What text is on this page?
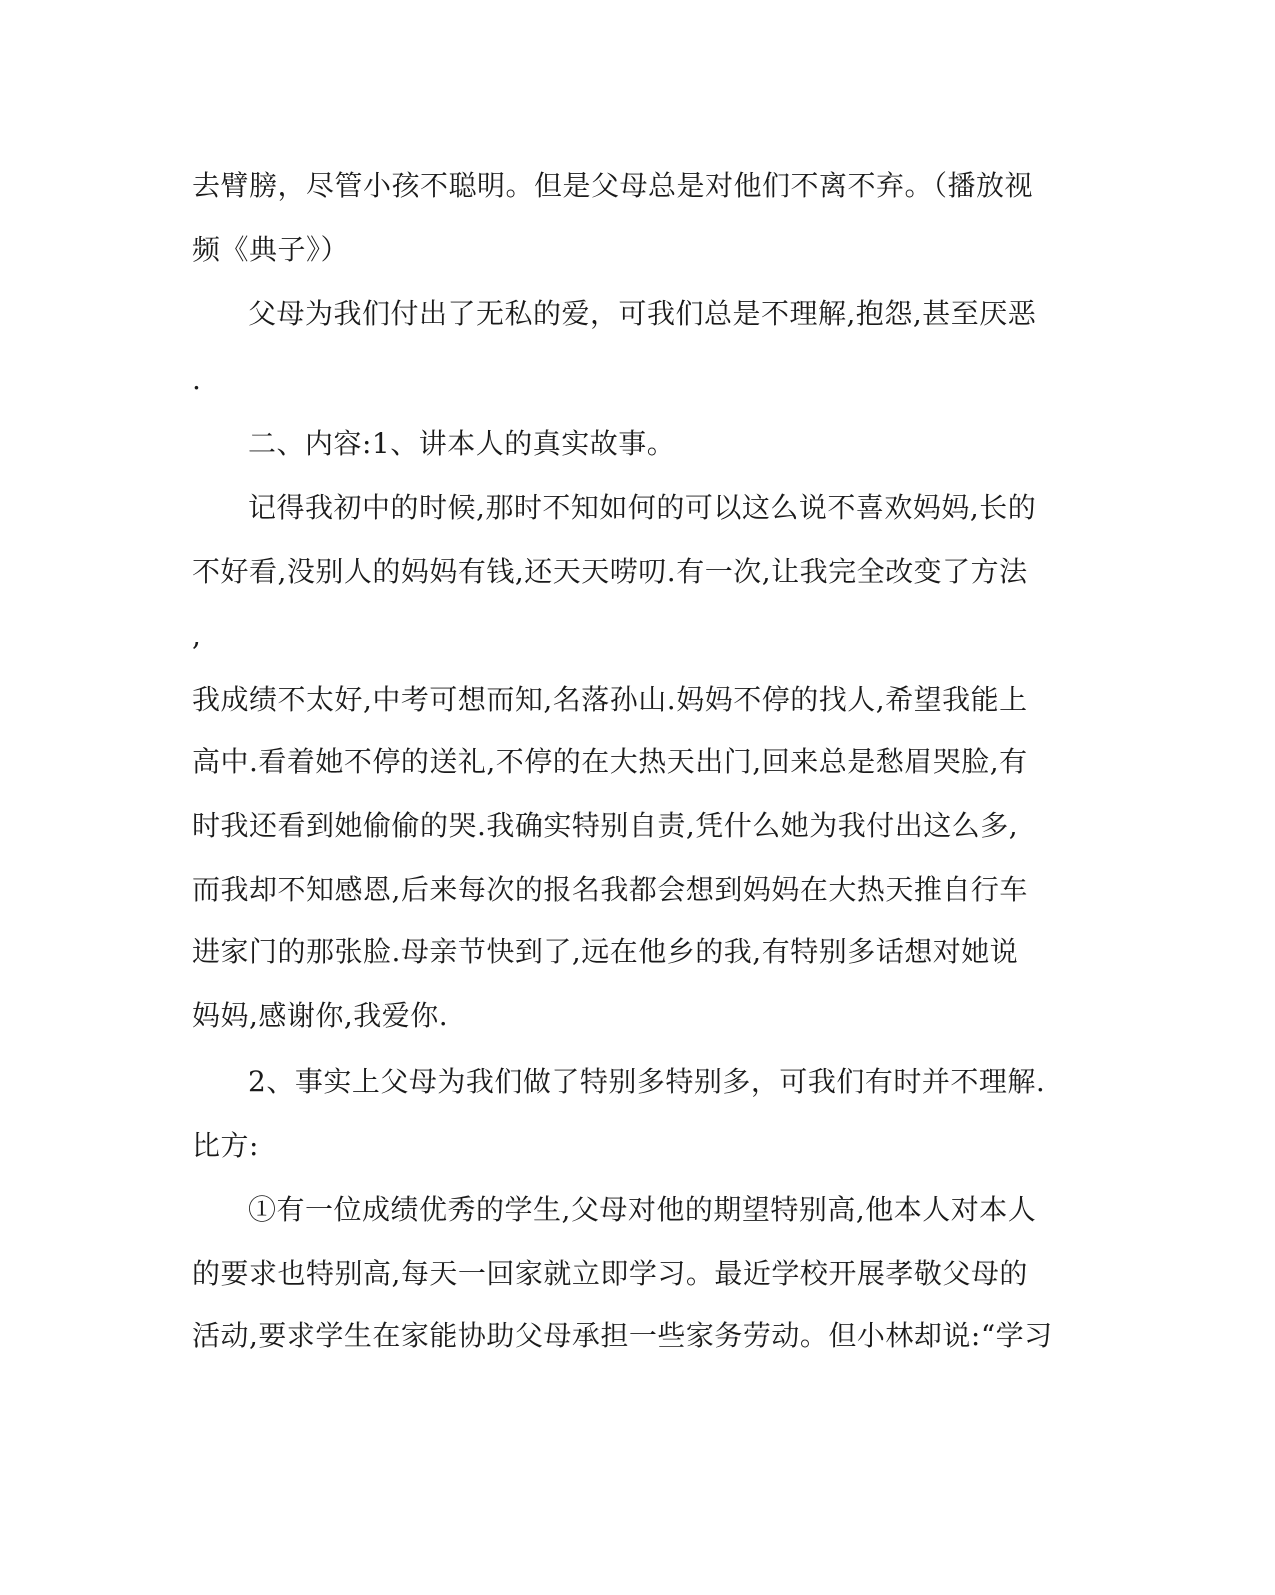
去臂膀，尽管小孩不聪明。但是父母总是对他们不离不弃。（播放视
频《典子》）
父母为我们付出了无私的爱，可我们总是不理解,抱怨,甚至厌恶
.
二、内容:1、讲本人的真实故事。
记得我初中的时候,那时不知如何的可以这么说不喜欢妈妈,长的
不好看,没别人的妈妈有钱,还天天唠叨.有一次,让我完全改变了方法
,
我成绩不太好,中考可想而知,名落孙山.妈妈不停的找人,希望我能上
高中.看着她不停的送礼,不停的在大热天出门,回来总是愁眉哭脸,有
时我还看到她偷偷的哭.我确实特别自责,凭什么她为我付出这么多,
而我却不知感恩,后来每次的报名我都会想到妈妈在大热天推自行车
进家门的那张脸.母亲节快到了,远在他乡的我,有特别多话想对她说
妈妈,感谢你,我爱你.
2、事实上父母为我们做了特别多特别多，可我们有时并不理解.
比方:
①有一位成绩优秀的学生,父母对他的期望特别高,他本人对本人
的要求也特别高,每天一回家就立即学习。最近学校开展孝敬父母的
活动,要求学生在家能协助父母承担一些家务劳动。但小林却说:“学习
